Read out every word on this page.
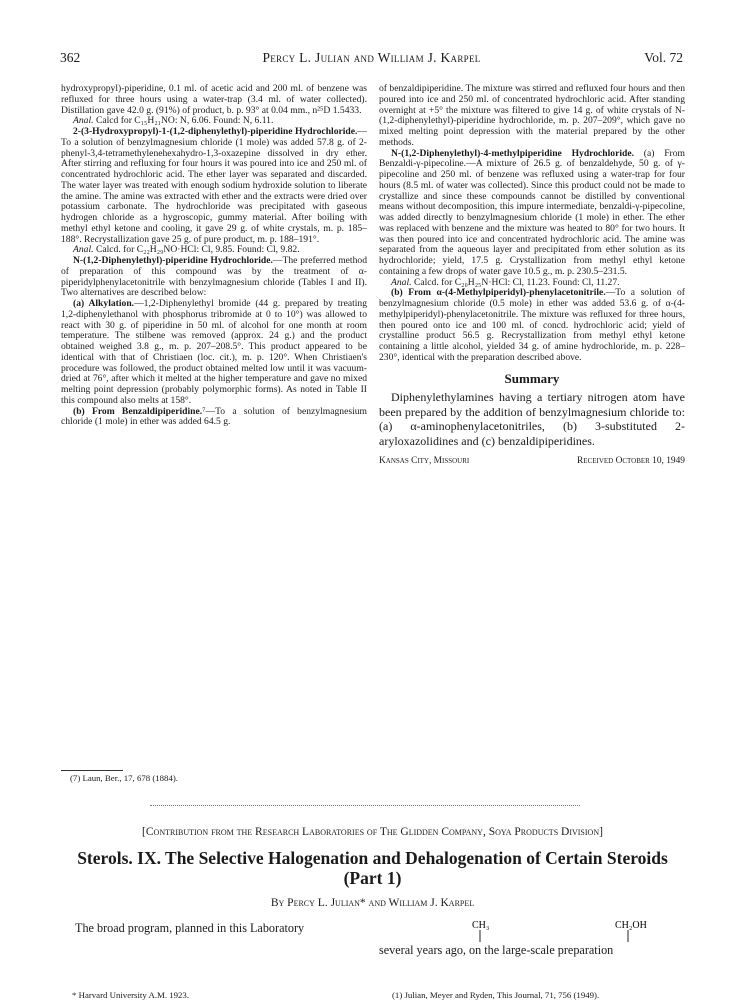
362	Percy L. Julian and William J. Karpel	Vol. 72

hydroxypropyl)-piperidine, 0.1 ml. of acetic acid and 200 ml. of benzene was refluxed for three hours using a water-trap (3.4 ml. of water collected). Distillation gave 42.0 g. (91%) of product, b. p. 93° at 0.04 mm., n²⁵D 1.5433.

Anal. Calcd for C₁₅H₂₁NO: N, 6.06. Found: N, 6.11.

2-(3-Hydroxypropyl)-1-(1,2-diphenylethyl)-piperidine Hydrochloride.—To a solution of benzylmagnesium chloride (1 mole) was added 57.8 g. of 2-phenyl-3,4-tetramethylenehexahydro-1,3-oxazepine dissolved in dry ether. After stirring and refluxing for four hours it was poured into ice and 250 ml. of concentrated hydrochloric acid. The ether layer was separated and discarded. The water layer was treated with enough sodium hydroxide solution to liberate the amine. The amine was extracted with ether and the extracts were dried over potassium carbonate. The hydrochloride was precipitated with gaseous hydrogen chloride as a hygroscopic, gummy material. After boiling with methyl ethyl ketone and cooling, it gave 29 g. of white crystals, m. p. 185–188°. Recrystallization gave 25 g. of pure product, m. p. 188–191°.

Anal. Calcd. for C₂₂H₂₉NO·HCl: Cl, 9.85. Found: Cl, 9.82.

N-(1,2-Diphenylethyl)-piperidine Hydrochloride.—The preferred method of preparation of this compound was by the treatment of α-piperidylphenylacetonitrile with benzylmagnesium chloride (Tables I and II). Two alternatives are described below:

(a) Alkylation.—1,2-Diphenylethyl bromide (44 g. prepared by treating 1,2-diphenylethanol with phosphorus tribromide at 0 to 10°) was allowed to react with 30 g. of piperidine in 50 ml. of alcohol for one month at room temperature. The stilbene was removed (approx. 24 g.) and the product obtained weighed 3.8 g., m. p. 207–208.5°. This product appeared to be identical with that of Christiaen (loc. cit.), m. p. 120°. When Christiaen's procedure was followed, the product obtained melted low until it was vacuum-dried at 76°, after which it melted at the higher temperature and gave no mixed melting point depression (probably polymorphic forms). As noted in Table II this compound also melts at 158°.

(b) From Benzaldipiperidine.⁷—To a solution of benzylmagnesium chloride (1 mole) in ether was added 64.5 g.

(7) Laun, Ber., 17, 678 (1884).

of benzaldipiperidine. The mixture was stirred and refluxed four hours and then poured into ice and 250 ml. of concentrated hydrochloric acid. After standing overnight at +5° the mixture was filtered to give 14 g. of white crystals of N-(1,2-diphenylethyl)-piperidine hydrochloride, m. p. 207–209°, which gave no mixed melting point depression with the material prepared by the other methods.

N-(1,2-Diphenylethyl)-4-methylpiperidine Hydrochloride. (a) From Benzaldi-γ-pipecoline.—A mixture of 26.5 g. of benzaldehyde, 50 g. of γ-pipecoline and 250 ml. of benzene was refluxed using a water-trap for four hours (8.5 ml. of water was collected). Since this product could not be made to crystallize and since these compounds cannot be distilled by conventional means without decomposition, this impure intermediate, benzaldi-γ-pipecoline, was added directly to benzylmagnesium chloride (1 mole) in ether. The ether was replaced with benzene and the mixture was heated to 80° for two hours. It was then poured into ice and concentrated hydrochloric acid. The amine was separated from the aqueous layer and precipitated from ether solution as its hydrochloride; yield, 17.5 g. Crystallization from methyl ethyl ketone containing a few drops of water gave 10.5 g., m. p. 230.5–231.5.

Anal. Calcd. for C₂₀H₂₅N·HCl: Cl, 11.23. Found: Cl, 11.27.

(b) From α-(4-Methylpiperidyl)-phenylacetonitrile.—To a solution of benzylmagnesium chloride (0.5 mole) in ether was added 53.6 g. of α-(4-methylpiperidyl)-phenylacetonitrile. The mixture was refluxed for three hours, then poured onto ice and 100 ml. of concd. hydrochloric acid; yield of crystalline product 56.5 g. Recrystallization from methyl ethyl ketone containing a little alcohol, yielded 34 g. of amine hydrochloride, m. p. 228–230°, identical with the preparation described above.

Summary

Diphenylethylamines having a tertiary nitrogen atom have been prepared by the addition of benzylmagnesium chloride to: (a) α-aminophenylacetonitriles, (b) 3-substituted 2-aryloxazolidines and (c) benzaldipiperidines.

Kansas City, Missouri	Received October 10, 1949
[Contribution from the Research Laboratories of The Glidden Company, Soya Products Division]
Sterols. IX. The Selective Halogenation and Dehalogenation of Certain Steroids
(Part 1)
By Percy L. Julian* and William J. Karpel

The broad program, planned in this Laboratory

* Harvard University A.M. 1923.
CH₃	CH₂OH
several years ago, on the large-scale preparation
(1) Julian, Meyer and Ryden, This Journal, 71, 756 (1949).
